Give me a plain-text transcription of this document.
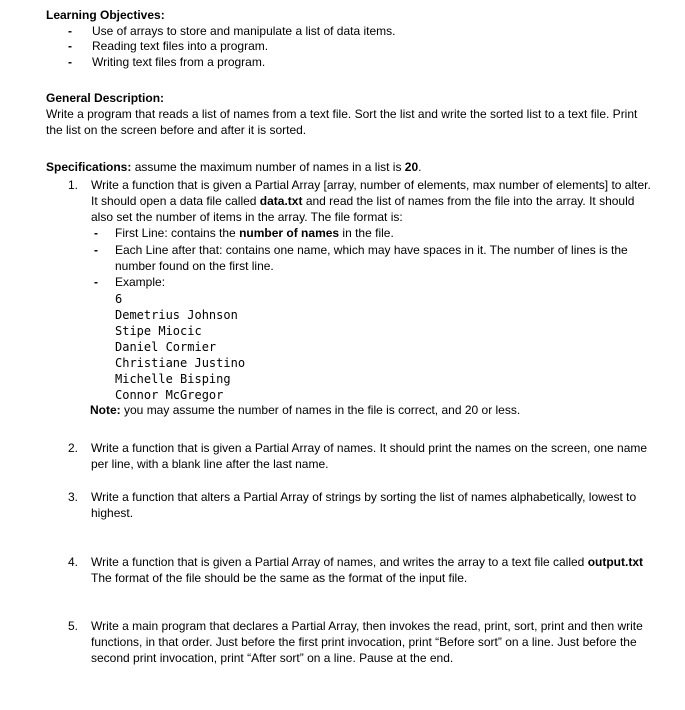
Learning Objectives:

- Use of arrays to store and manipulate a list of data items.
- Reading text files into a program.
- Writing text files from a program.

General Description:

Write a program that reads a list of names from a text file. Sort the list and write the sorted list to a text file. Print the list on the screen before and after it is sorted.

Specifications: assume the maximum number of names in a list is 20.

1. Write a function that is given a Partial Array [array, number of elements, max number of elements] to alter. It should open a data file called data.txt and read the list of names from the file into the array. It should also set the number of items in the array. The file format is:
- First Line: contains the number of names in the file.
- Each Line after that: contains one name, which may have spaces in it. The number of lines is the number found on the first line.
- Example:

6

Demetrius Johnson

Stipe Miocic

Daniel Cormier

Christiane Justino

Michelle Bisping

Connor McGregor

Note: you may assume the number of names in the file is correct, and 20 or less.

2. Write a function that is given a Partial Array of names. It should print the names on the screen, one name per line, with a blank line after the last name.
3. Write a function that alters a Partial Array of strings by sorting the list of names alphabetically, lowest to highest.
4. Write a function that is given a Partial Array of names, and writes the array to a text file called output.txt  The format of the file should be the same as the format of the input file.
5. Write a main program that declares a Partial Array, then invokes the read, print, sort, print and then write functions, in that order. Just before the first print invocation, print “Before sort” on a line. Just before the second print invocation, print “After sort” on a line. Pause at the end.
